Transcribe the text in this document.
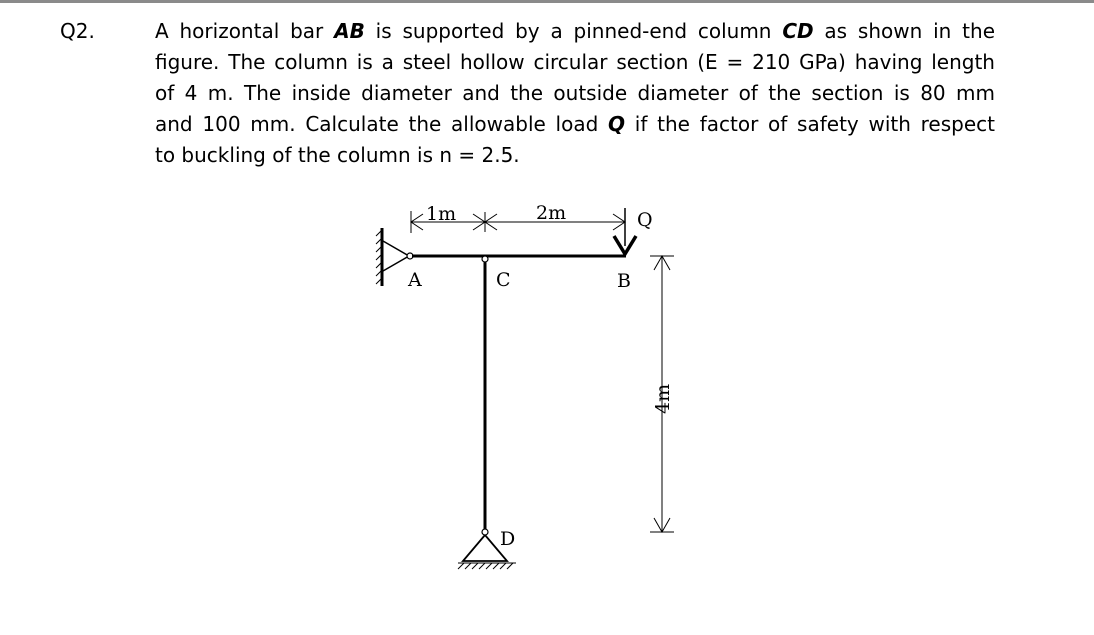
Q2.	A horizontal bar AB is supported by a pinned-end column CD as shown in the
figure. The column is a steel hollow circular section (E = 210 GPa) having length
of 4 m. The inside diameter and the outside diameter of the section is 80 mm
and 100 mm. Calculate the allowable load Q if the factor of safety with respect
to buckling of the column is n = 2.5.
1m	2m	Q
A	C	B
D
4m
